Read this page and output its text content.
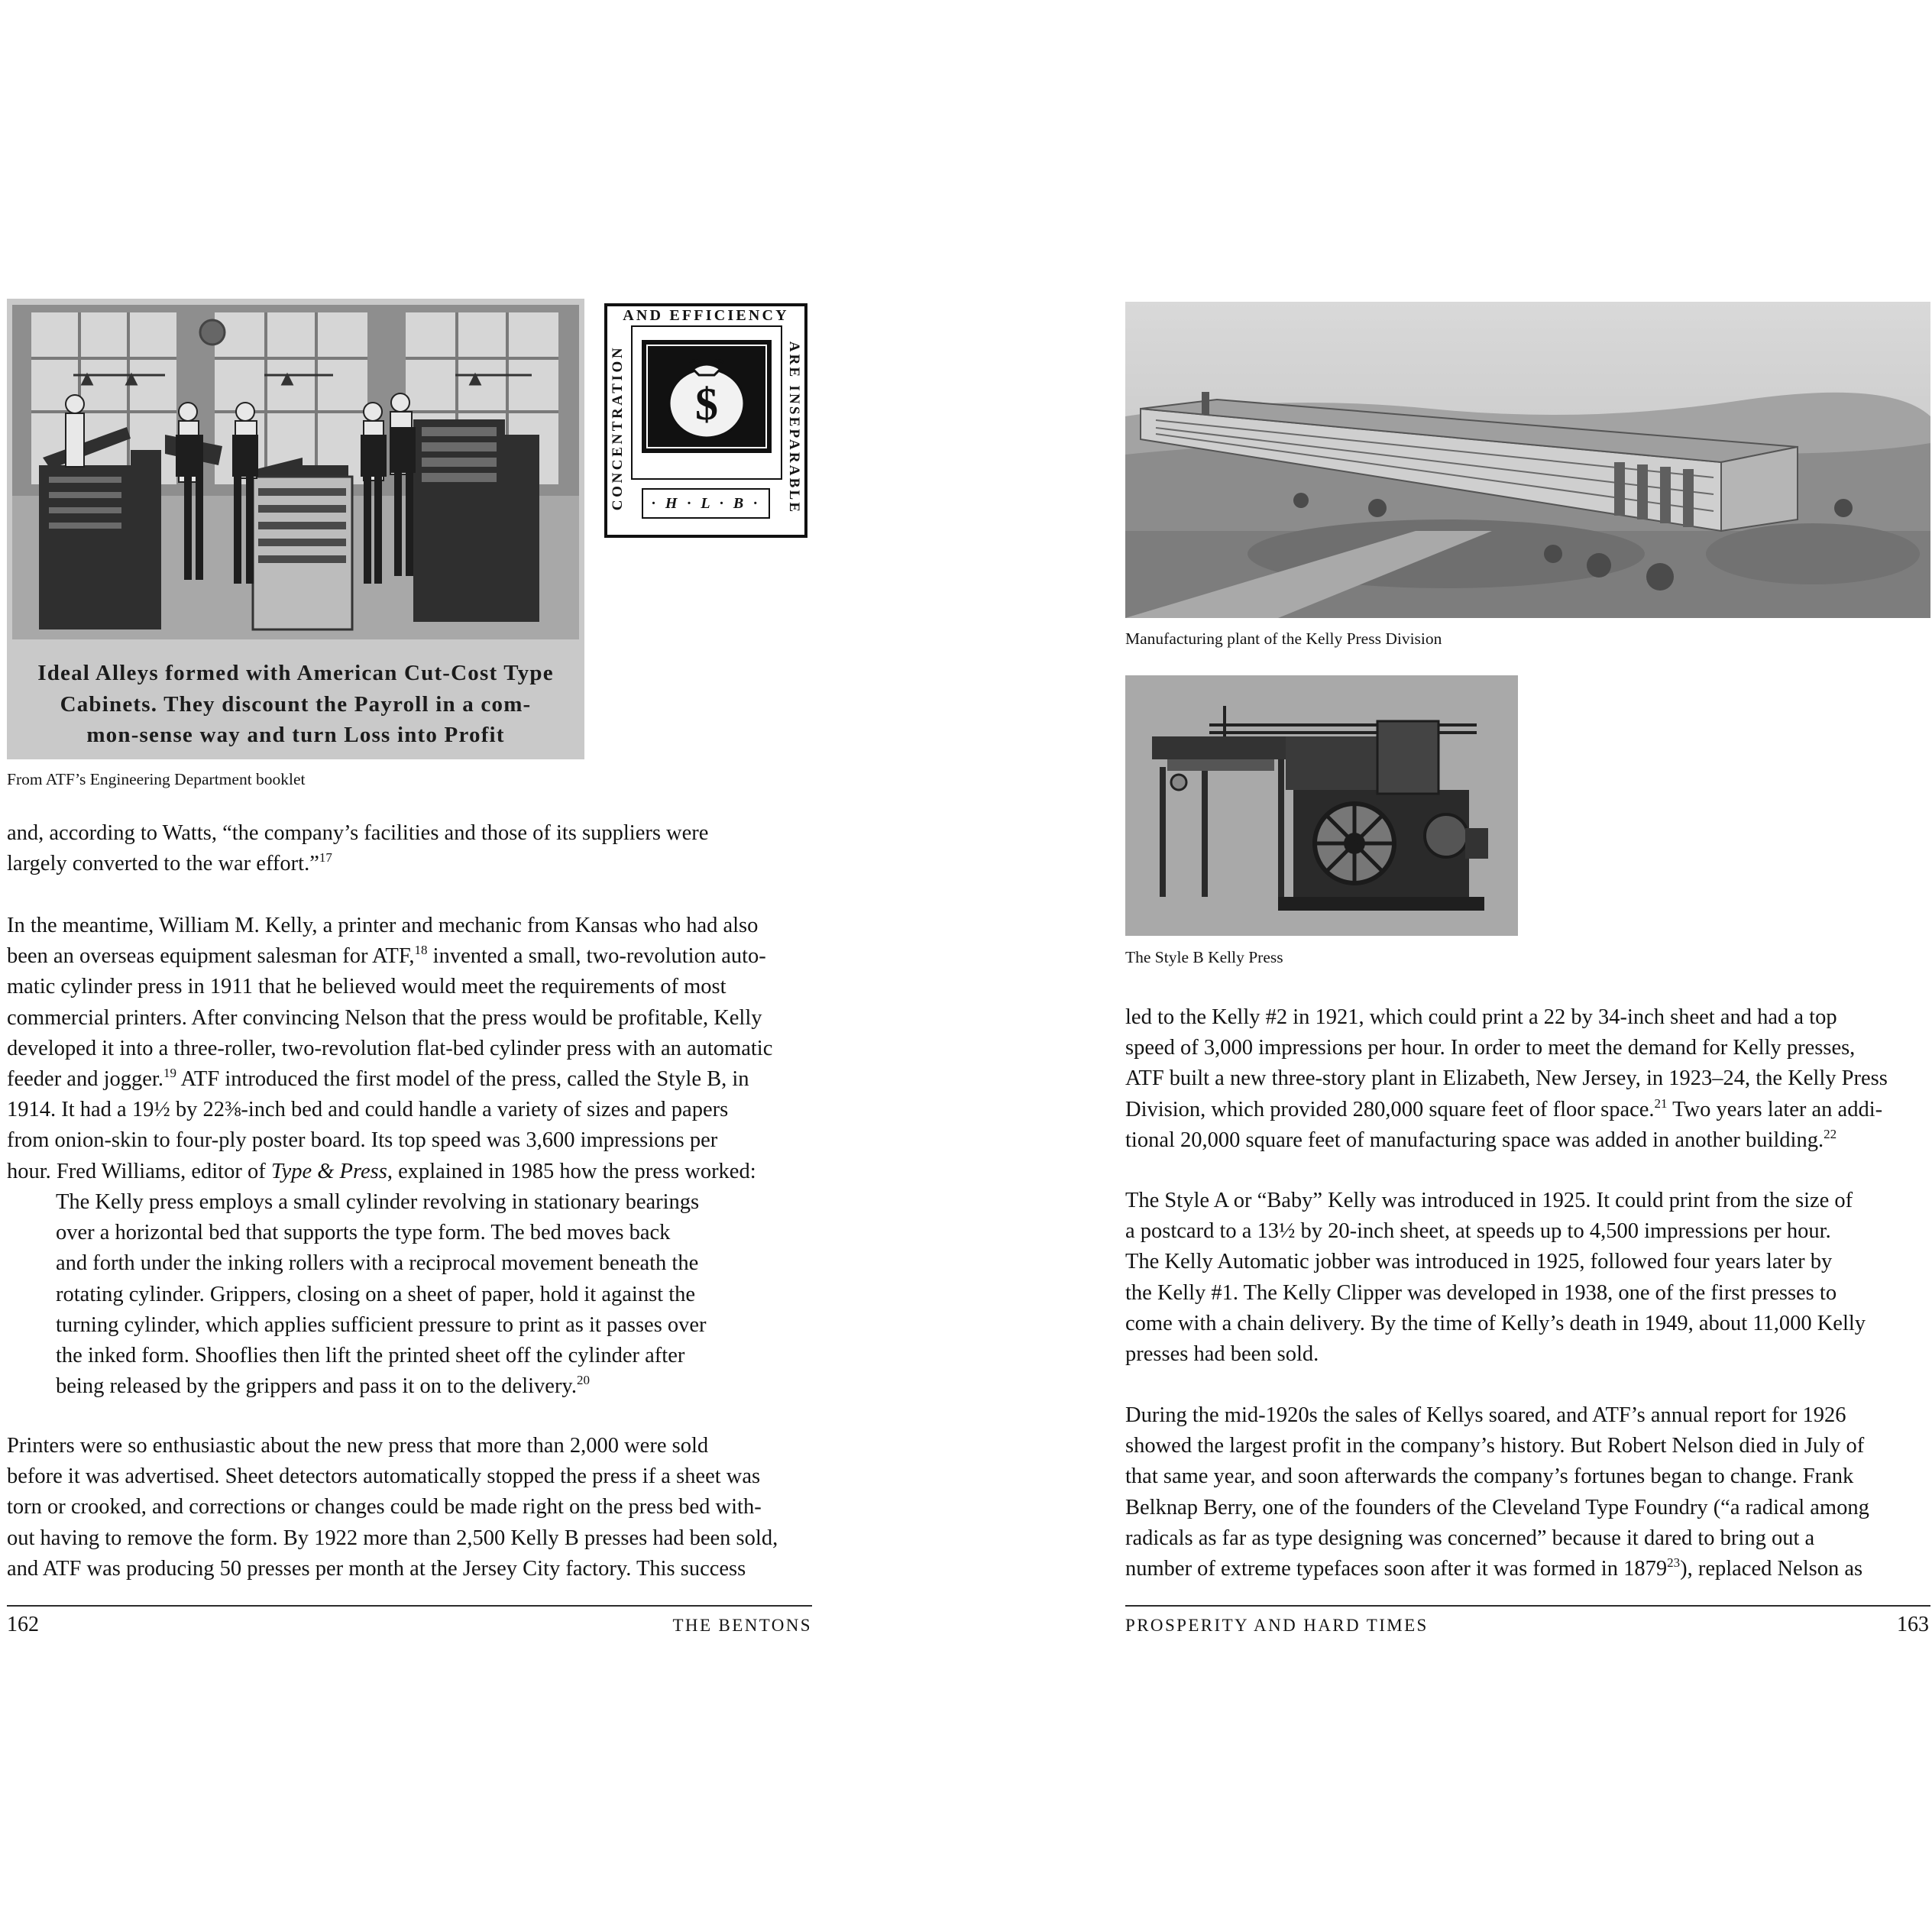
Ideal Alleys formed with American Cut-Cost Type
Cabinets. They discount the Payroll in a com-
mon-sense way and turn Loss into Profit
$
AND EFFICIENCY
CONCENTRATION	ARE INSEPARABLE
· H · L · B ·
From ATF’s Engineering Department booklet

and, according to Watts, “the company’s facilities and those of its suppliers were

largely converted to the war effort.”$^{17}$

In the meantime, William M. Kelly, a printer and mechanic from Kansas who had also

been an overseas equipment salesman for ATF,$^{18}$ invented a small, two-revolution auto-

matic cylinder press in 1911 that he believed would meet the requirements of most

commercial printers. After convincing Nelson that the press would be profitable, Kelly

developed it into a three-roller, two-revolution flat-bed cylinder press with an automatic

feeder and jogger.$^{19}$ ATF introduced the first model of the press, called the Style B, in

1914. It had a 19½ by 22⅜-inch bed and could handle a variety of sizes and papers

from onion-skin to four-ply poster board. Its top speed was 3,600 impressions per

hour. Fred Williams, editor of Type & Press, explained in 1985 how the press worked:

The Kelly press employs a small cylinder revolving in stationary bearings

over a horizontal bed that supports the type form. The bed moves back

and forth under the inking rollers with a reciprocal movement beneath the

rotating cylinder. Grippers, closing on a sheet of paper, hold it against the

turning cylinder, which applies sufficient pressure to print as it passes over

the inked form. Shooflies then lift the printed sheet off the cylinder after

being released by the grippers and pass it on to the delivery.$^{20}$

Printers were so enthusiastic about the new press that more than 2,000 were sold

before it was advertised. Sheet detectors automatically stopped the press if a sheet was

torn or crooked, and corrections or changes could be made right on the press bed with-

out having to remove the form. By 1922 more than 2,500 Kelly B presses had been sold,

and ATF was producing 50 presses per month at the Jersey City factory. This success

162	THE BENTONS
Manufacturing plant of the Kelly Press Division
The Style B Kelly Press

led to the Kelly #2 in 1921, which could print a 22 by 34-inch sheet and had a top

speed of 3,000 impressions per hour. In order to meet the demand for Kelly presses,

ATF built a new three-story plant in Elizabeth, New Jersey, in 1923–24, the Kelly Press

Division, which provided 280,000 square feet of floor space.$^{21}$ Two years later an addi-

tional 20,000 square feet of manufacturing space was added in another building.$^{22}$

The Style A or “Baby” Kelly was introduced in 1925. It could print from the size of

a postcard to a 13½ by 20-inch sheet, at speeds up to 4,500 impressions per hour.

The Kelly Automatic jobber was introduced in 1925, followed four years later by

the Kelly #1. The Kelly Clipper was developed in 1938, one of the first presses to

come with a chain delivery. By the time of Kelly’s death in 1949, about 11,000 Kelly

presses had been sold.

During the mid-1920s the sales of Kellys soared, and ATF’s annual report for 1926

showed the largest profit in the company’s history. But Robert Nelson died in July of

that same year, and soon afterwards the company’s fortunes began to change. Frank

Belknap Berry, one of the founders of the Cleveland Type Foundry (“a radical among

radicals as far as type designing was concerned” because it dared to bring out a

number of extreme typefaces soon after it was formed in 1879$^{23}$), replaced Nelson as

PROSPERITY AND HARD TIMES	163
